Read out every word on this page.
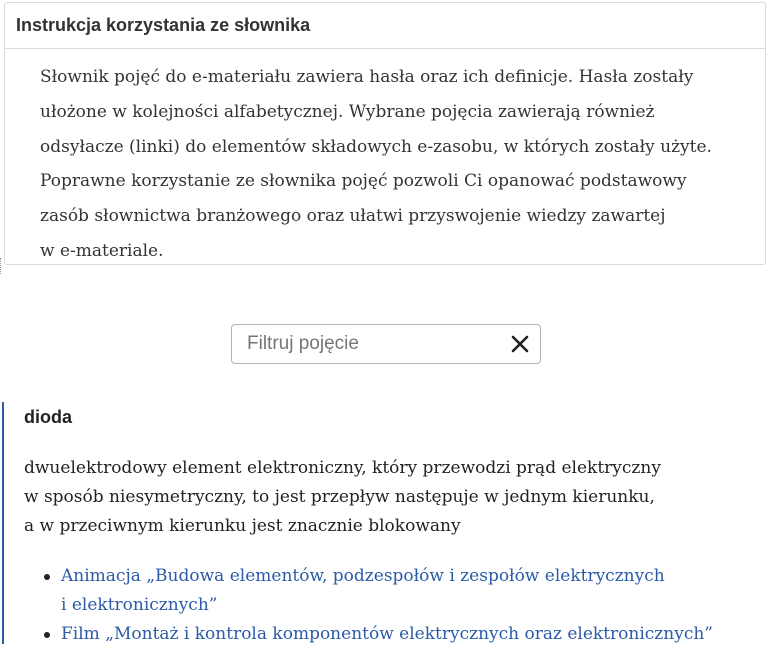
Instrukcja korzystania ze słownika
Słownik pojęć do e-materiału zawiera hasła oraz ich definicje. Hasła zostały
ułożone w kolejności alfabetycznej. Wybrane pojęcia zawierają również
odsyłacze (linki) do elementów składowych e-zasobu, w których zostały użyte.
Poprawne korzystanie ze słownika pojęć pozwoli Ci opanować podstawowy
zasób słownictwa branżowego oraz ułatwi przyswojenie wiedzy zawartej
w e-materiale.
Filtruj pojęcie
dioda
dwuelektrodowy element elektroniczny, który przewodzi prąd elektryczny
w sposób niesymetryczny, to jest przepływ następuje w jednym kierunku,
a w przeciwnym kierunku jest znacznie blokowany
Animacja „Budowa elementów, podzespołów i zespołów elektrycznych
i elektronicznych”
Film „Montaż i kontrola komponentów elektrycznych oraz elektronicznych”
